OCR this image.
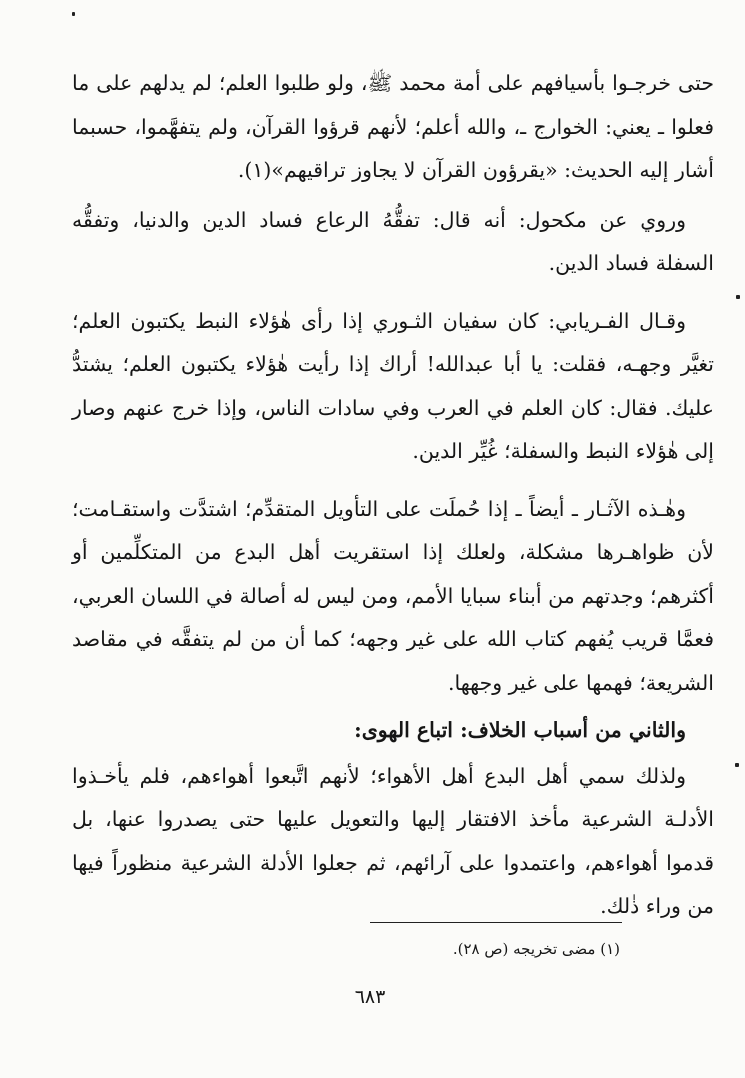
حتى خرجـوا بأسيافهم على أمة محمد ﷺ، ولو طلبوا العلم؛ لم يدلهم على ما فعلوا ـ يعني: الخوارج ـ، والله أعلم؛ لأنهم قرؤوا القرآن، ولم يتفهَّموا، حسبما أشار إليه الحديث: «يقرؤون القرآن لا يجاوز تراقيهم»(١).

وروي عن مكحول: أنه قال: تفقُّهُ الرعاع فساد الدين والدنيا، وتفقُّه السفلة فساد الدين.

وقـال الفـريابي: كان سفيان الثـوري إذا رأى هٰؤلاء النبط يكتبون العلم؛ تغيَّر وجهـه، فقلت: يا أبا عبدالله! أراك إذا رأيت هٰؤلاء يكتبون العلم؛ يشتدُّ عليك. فقال: كان العلم في العرب وفي سادات الناس، وإذا خرج عنهم وصار إلى هٰؤلاء النبط والسفلة؛ غُيِّر الدين.

وهٰـذه الآثـار ـ أيضاً ـ إذا حُملَت على التأويل المتقدِّم؛ اشتدَّت واستقـامت؛ لأن ظواهـرها مشكلة، ولعلك إذا استقريت أهل البدع من المتكلِّمين أو أكثرهم؛ وجدتهم من أبناء سبايا الأمم، ومن ليس له أصالة في اللسان العربي، فعمَّا قريب يُفهم كتاب الله على غير وجهه؛ كما أن من لم يتفقَّه في مقاصد الشريعة؛ فهمها على غير وجهها.

والثاني من أسباب الخلاف: اتباع الهوى:

ولذلك سمي أهل البدع أهل الأهواء؛ لأنهم اتَّبعوا أهواءهم، فلم يأخـذوا الأدلـة الشرعية مأخذ الافتقار إليها والتعويل عليها حتى يصدروا عنها، بل قدموا أهواءهم، واعتمدوا على آرائهم، ثم جعلوا الأدلة الشرعية منظوراً فيها من وراء ذٰلك.

(١) مضى تخريجه (ص ٢٨).
٦٨٣
